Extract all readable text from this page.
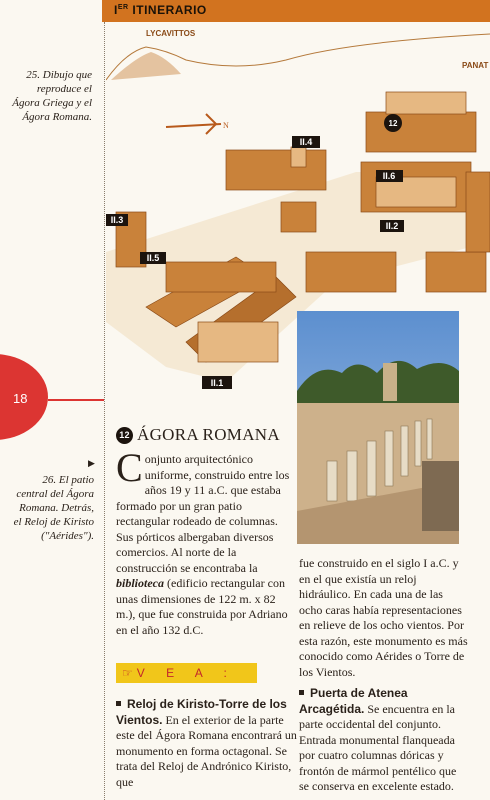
IER ITINERARIO
25. Dibujo que reproduce el Ágora Griega y el Ágora Romana.
▶
26. El patio central del Ágora Romana. Detrás, el Reloj de Kiristo ("Aérides").
18
LYCAVITTOS
PANAT
N
II.4
II.6
II.2
II.3
II.5
II.1
12
12 ÁGORA ROMANA
Conjunto arquitectónico uniforme, construido entre los años 19 y 11 a.C. que estaba formado por un gran patio rectangular rodeado de columnas. Sus pórticos albergaban diversos comercios. Al norte de la construcción se encontraba la biblioteca (edificio rectangular con unas dimensiones de 122 m. x 82 m.), que fue construida por Adriano en el año 132 d.C.
☞ V E A :
Reloj de Kiristo-Torre de los Vientos. En el exterior de la parte este del Ágora Romana encontrará un monumento en forma octagonal. Se trata del Reloj de Andrónico Kiristo, que
fue construido en el siglo I a.C. y en el que existía un reloj hidráulico. En cada una de las ocho caras había representaciones en relieve de los ocho vientos. Por esta razón, este monumento es más conocido como Aérides o Torre de los Vientos.
Puerta de Atenea Arcagétida. Se encuentra en la parte occidental del conjunto. Entrada monumental flanqueada por cuatro columnas dóricas y frontón de mármol pentélico que se conserva en excelente estado.
